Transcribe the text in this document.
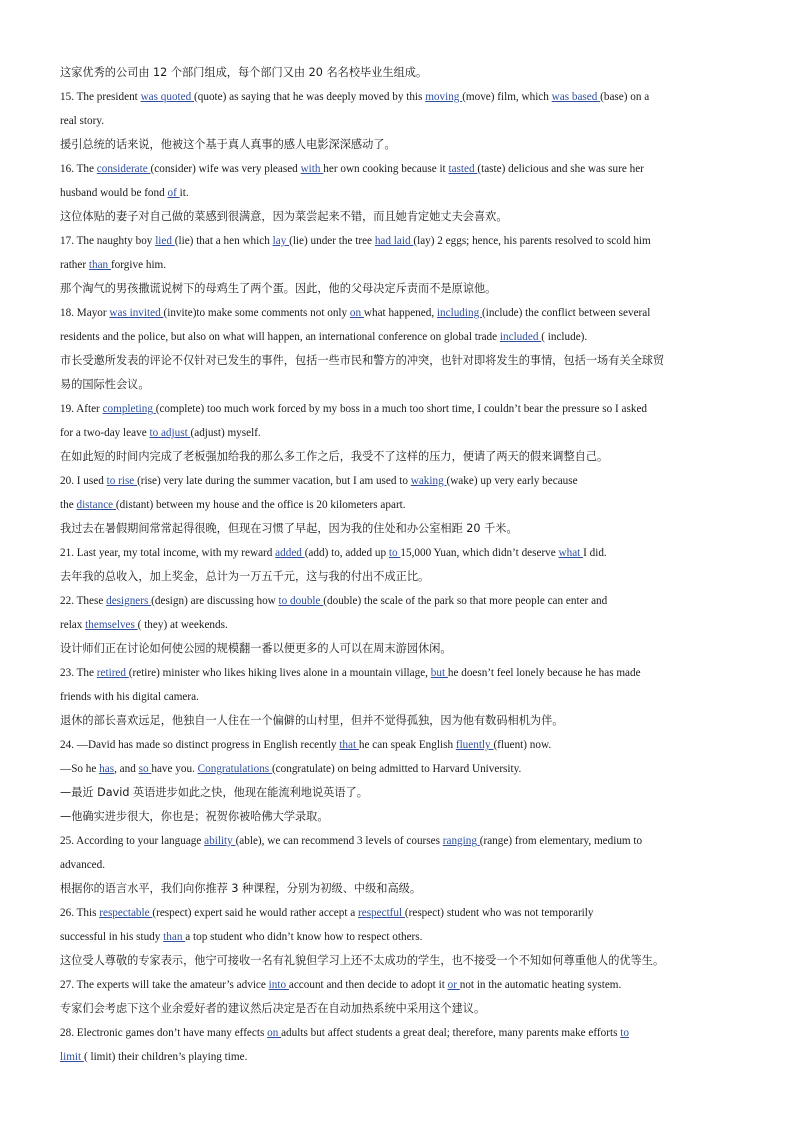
这家优秀的公司由 12 个部门组成，每个部门又由 20 名名校毕业生组成。
15. The president was quoted (quote) as saying that he was deeply moved by this moving (move) film, which was based (base) on a
real story.
援引总统的话来说，他被这个基于真人真事的感人电影深深感动了。
16. The considerate (consider) wife was very pleased with her own cooking because it tasted (taste) delicious and she was sure her
husband would be fond of it.
这位体贴的妻子对自己做的菜感到很满意，因为菜尝起来不错，而且她肯定她丈夫会喜欢。
17. The naughty boy lied (lie) that a hen which lay (lie) under the tree had laid (lay) 2 eggs; hence, his parents resolved to scold him
rather than forgive him.
那个淘气的男孩撒谎说树下的母鸡生了两个蛋。因此，他的父母决定斥责而不是原谅他。
18. Mayor was invited (invite)to make some comments not only on what happened, including (include) the conflict between several
residents and the police, but also on what will happen, an international conference on global trade included ( include).
市长受邀所发表的评论不仅针对已发生的事件，包括一些市民和警方的冲突，也针对即将发生的事情，包括一场有关全球贸
易的国际性会议。
19. After completing (complete) too much work forced by my boss in a much too short time, I couldn’t bear the pressure so I asked
for a two-day leave to adjust (adjust) myself.
在如此短的时间内完成了老板强加给我的那么多工作之后，我受不了这样的压力，便请了两天的假来调整自己。
20. I used to rise (rise) very late during the summer vacation, but I am used to waking (wake) up very early because
the distance (distant) between my house and the office is 20 kilometers apart.
我过去在暑假期间常常起得很晚，但现在习惯了早起，因为我的住处和办公室相距 20 千米。
21. Last year, my total income, with my reward added (add) to, added up to 15,000 Yuan, which didn’t deserve what I did.
去年我的总收入，加上奖金，总计为一万五千元，这与我的付出不成正比。
22. These designers (design) are discussing how to double (double) the scale of the park so that more people can enter and
relax themselves ( they) at weekends.
设计师们正在讨论如何使公园的规模翻一番以便更多的人可以在周末游园休闲。
23. The retired (retire) minister who likes hiking lives alone in a mountain village, but he doesn’t feel lonely because he has made
friends with his digital camera.
退休的部长喜欢远足，他独自一人住在一个偏僻的山村里，但并不觉得孤独，因为他有数码相机为伴。
24. —David has made so distinct progress in English recently that he can speak English fluently (fluent) now.
—So he has, and so have you. Congratulations (congratulate) on being admitted to Harvard University.
—最近 David 英语进步如此之快，他现在能流利地说英语了。
—他确实进步很大，你也是；祝贺你被哈佛大学录取。
25. According to your language ability (able), we can recommend 3 levels of courses ranging (range) from elementary, medium to
advanced.
根据你的语言水平，我们向你推荐 3 种课程，分别为初级、中级和高级。
26. This respectable (respect) expert said he would rather accept a respectful (respect) student who was not temporarily
successful in his study than a top student who didn’t know how to respect others.
这位受人尊敬的专家表示，他宁可接收一名有礼貌但学习上还不太成功的学生，也不接受一个不知如何尊重他人的优等生。
27. The experts will take the amateur’s advice into account and then decide to adopt it or not in the automatic heating system.
专家们会考虑下这个业余爱好者的建议然后决定是否在自动加热系统中采用这个建议。
28. Electronic games don’t have many effects on adults but affect students a great deal; therefore, many parents make efforts to
limit ( limit) their children’s playing time.
